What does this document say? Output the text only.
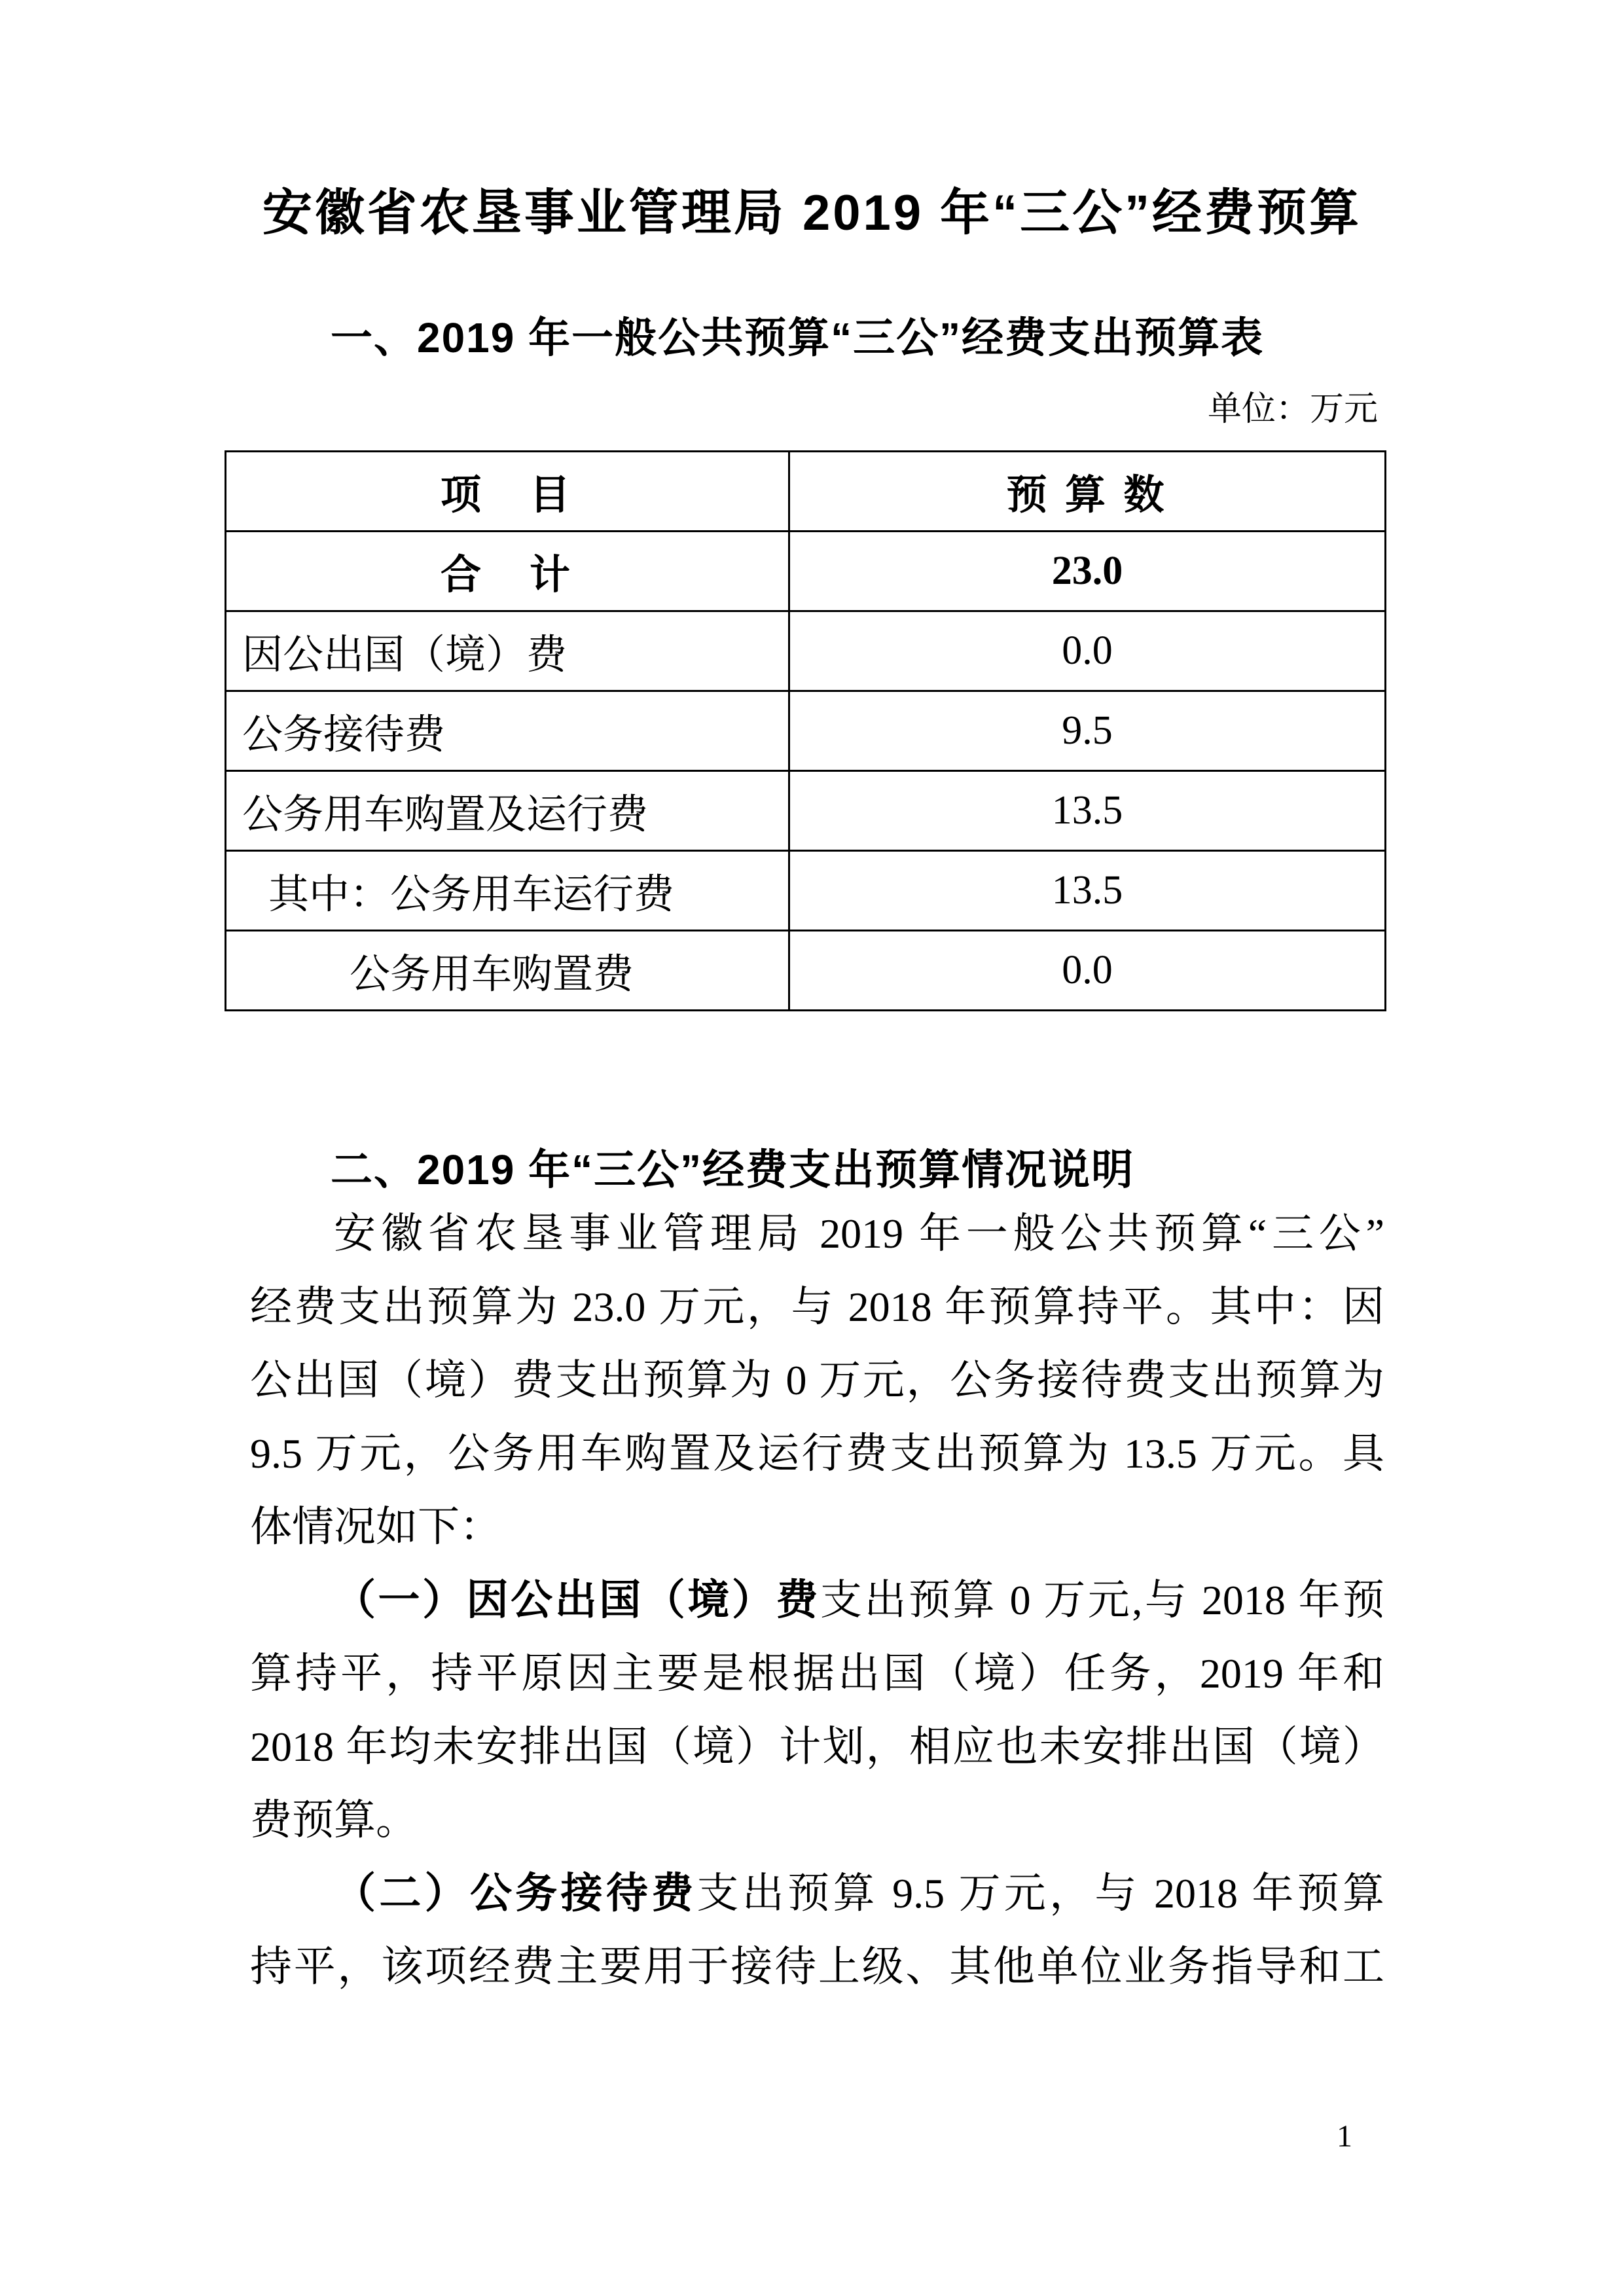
安徽省农垦事业管理局 2019 年“三公”经费预算
一、2019 年一般公共预算“三公”经费支出预算表
单位：万元
项　目	预 算 数
合　计	23.0
因公出国（境）费	0.0
公务接待费	9.5
公务用车购置及运行费	13.5
其中：公务用车运行费	13.5
公务用车购置费	0.0
二、2019 年“三公”经费支出预算情况说明
安徽省农垦事业管理局 2019 年一般公共预算“三公”
经费支出预算为 23.0 万元，与 2018 年预算持平。其中：因
公出国（境）费支出预算为 0 万元，公务接待费支出预算为
9.5 万元，公务用车购置及运行费支出预算为 13.5 万元。具
体情况如下：
（一）因公出国（境）费支出预算 0 万元,与 2018 年预
算持平，持平原因主要是根据出国（境）任务，2019 年和
2018 年均未安排出国（境）计划，相应也未安排出国（境）
费预算。
（二）公务接待费支出预算 9.5 万元，与 2018 年预算
持平，该项经费主要用于接待上级、其他单位业务指导和工
1
